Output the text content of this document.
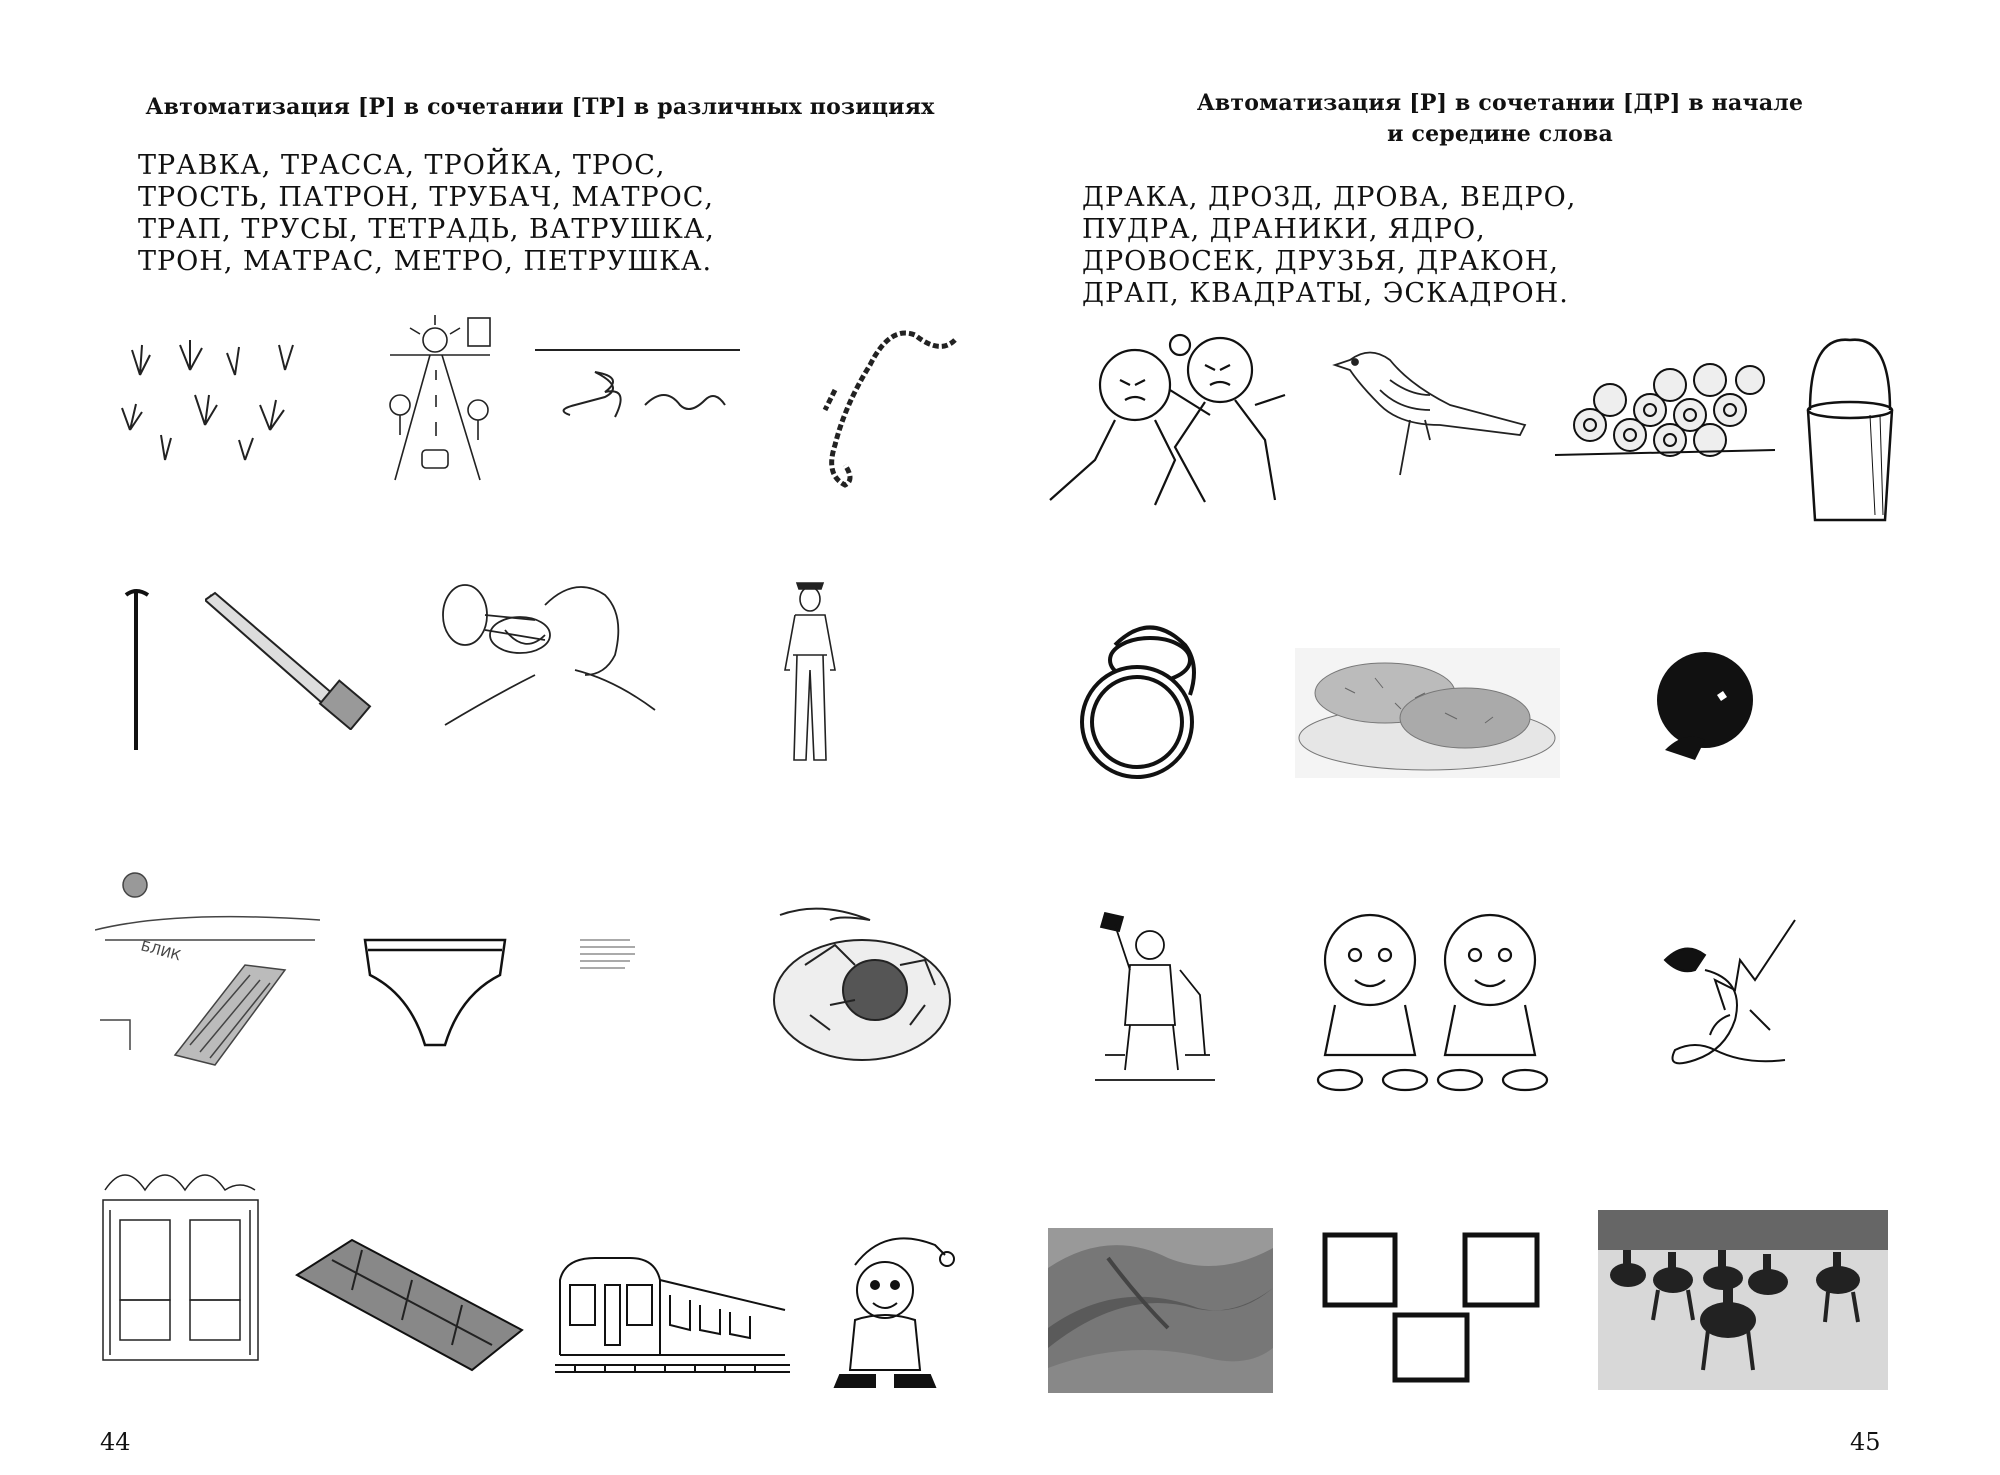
Автоматизация [Р] в сочетании [ТР] в различных позициях
ТРАВКА, ТРАССА, ТРОЙКА, ТРОС,
ТРОСТЬ, ПАТРОН, ТРУБАЧ, МАТРОС,
ТРАП, ТРУСЫ, ТЕТРАДЬ, ВАТРУШКА,
ТРОН, МАТРАС, МЕТРО, ПЕТРУШКА.
БЛИК
44
Автоматизация [Р] в сочетании [ДР] в начале
и середине слова
ДРАКА, ДРОЗД, ДРОВА, ВЕДРО,
ПУДРА, ДРАНИКИ, ЯДРО,
ДРОВОСЕК, ДРУЗЬЯ, ДРАКОН,
ДРАП, КВАДРАТЫ, ЭСКАДРОН.
45
